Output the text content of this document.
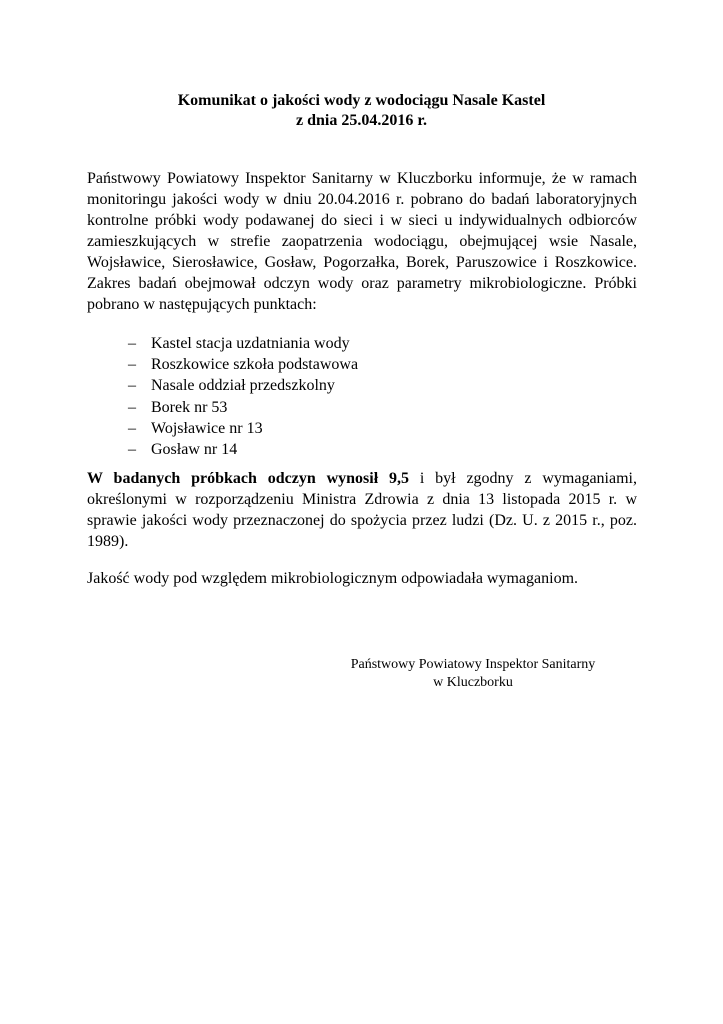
Komunikat o jakości wody z wodociągu Nasale Kastel
z dnia 25.04.2016 r.
Państwowy Powiatowy Inspektor Sanitarny w Kluczborku informuje, że w ramach monitoringu jakości wody w dniu 20.04.2016 r. pobrano do badań laboratoryjnych kontrolne próbki wody podawanej do sieci i w sieci u indywidualnych odbiorców zamieszkujących w strefie zaopatrzenia wodociągu, obejmującej wsie Nasale, Wojsławice, Sierosławice, Gosław, Pogorzałka, Borek, Paruszowice i Roszkowice. Zakres badań obejmował odczyn wody oraz parametry mikrobiologiczne. Próbki pobrano w następujących punktach:
– Kastel stacja uzdatniania wody
– Roszkowice szkoła podstawowa
– Nasale oddział przedszkolny
– Borek nr 53
– Wojsławice nr 13
– Gosław nr 14
W badanych próbkach odczyn wynosił 9,5 i był zgodny z wymaganiami, określonymi w rozporządzeniu Ministra Zdrowia z dnia 13 listopada 2015 r. w sprawie jakości wody przeznaczonej do spożycia przez ludzi (Dz. U. z 2015 r., poz. 1989).
Jakość wody pod względem mikrobiologicznym odpowiadała wymaganiom.
Państwowy Powiatowy Inspektor Sanitarny
w Kluczborku
